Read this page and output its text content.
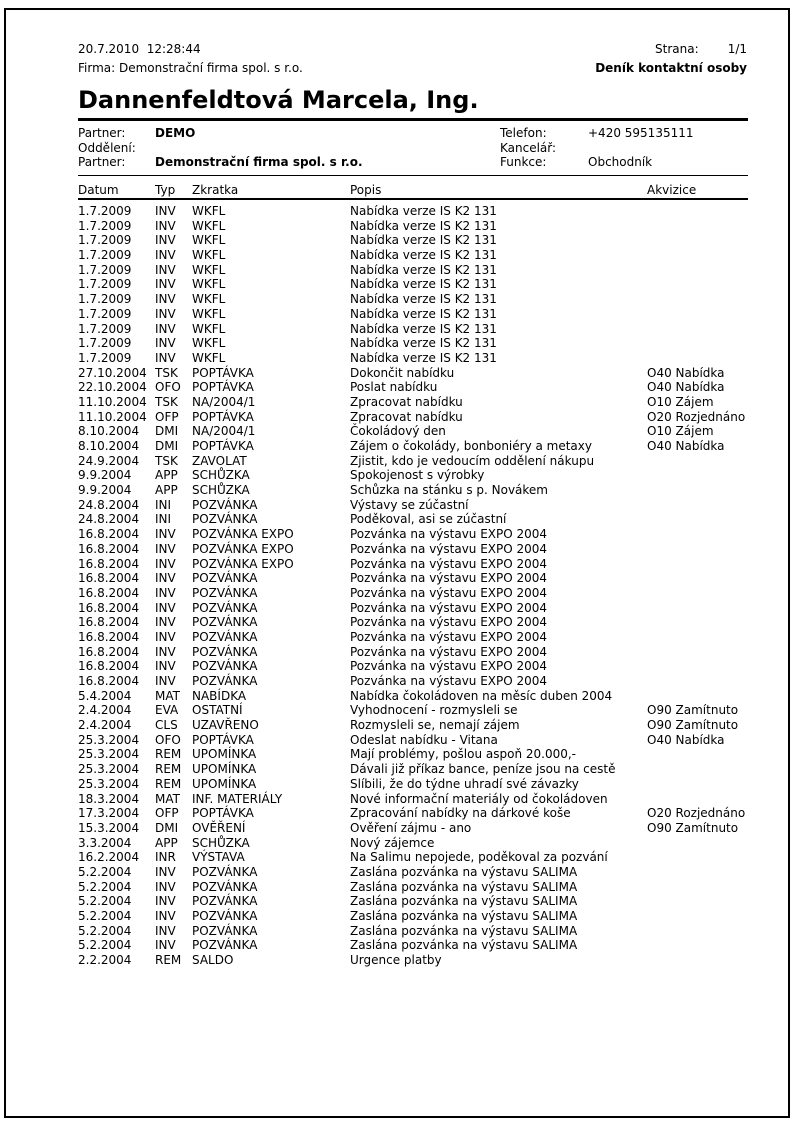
20.7.2010  12:28:44
Firma: Demonstrační firma spol. s r.o.
Strana: 1/1
Deník kontaktní osoby
Dannenfeldtová Marcela, Ing.
Partner:	DEMO	Telefon:	+420 595135111
Oddělení:	Kancelář:
Partner:	Demonstrační firma spol. s r.o.	Funkce:	Obchodník
Datum	Typ	Zkratka	Popis	Akvizice
1.7.2009	INV	WKFL	Nabídka verze IS K2 131
1.7.2009	INV	WKFL	Nabídka verze IS K2 131
1.7.2009	INV	WKFL	Nabídka verze IS K2 131
1.7.2009	INV	WKFL	Nabídka verze IS K2 131
1.7.2009	INV	WKFL	Nabídka verze IS K2 131
1.7.2009	INV	WKFL	Nabídka verze IS K2 131
1.7.2009	INV	WKFL	Nabídka verze IS K2 131
1.7.2009	INV	WKFL	Nabídka verze IS K2 131
1.7.2009	INV	WKFL	Nabídka verze IS K2 131
1.7.2009	INV	WKFL	Nabídka verze IS K2 131
1.7.2009	INV	WKFL	Nabídka verze IS K2 131
27.10.2004 TSK	POPTÁVKA	Dokončit nabídku	O40 Nabídka
22.10.2004 OFO POPTÁVKA	Poslat nabídku	O40 Nabídka
11.10.2004 TSK	NA/2004/1	Zpracovat nabídku	O10 Zájem
11.10.2004 OFP	POPTÁVKA	Zpracovat nabídku	O20 Rozjednáno
8.10.2004	DMI	NA/2004/1	Čokoládový den	O10 Zájem
8.10.2004	DMI	POPTÁVKA	Zájem o čokolády, bonboniéry a metaxy	O40 Nabídka
24.9.2004	TSK	ZAVOLAT	Zjistit, kdo je vedoucím oddělení nákupu
9.9.2004	APP	SCHŮZKA	Spokojenost s výrobky
9.9.2004	APP	SCHŮZKA	Schůzka na stánku s p. Novákem
24.8.2004	INI	POZVÁNKA	Výstavy se zúčastní
24.8.2004	INI	POZVÁNKA	Poděkoval, asi se zúčastní
16.8.2004	INV	POZVÁNKA EXPO	Pozvánka na výstavu EXPO 2004
16.8.2004	INV	POZVÁNKA EXPO	Pozvánka na výstavu EXPO 2004
16.8.2004	INV	POZVÁNKA EXPO	Pozvánka na výstavu EXPO 2004
16.8.2004	INV	POZVÁNKA	Pozvánka na výstavu EXPO 2004
16.8.2004	INV	POZVÁNKA	Pozvánka na výstavu EXPO 2004
16.8.2004	INV	POZVÁNKA	Pozvánka na výstavu EXPO 2004
16.8.2004	INV	POZVÁNKA	Pozvánka na výstavu EXPO 2004
16.8.2004	INV	POZVÁNKA	Pozvánka na výstavu EXPO 2004
16.8.2004	INV	POZVÁNKA	Pozvánka na výstavu EXPO 2004
16.8.2004	INV	POZVÁNKA	Pozvánka na výstavu EXPO 2004
16.8.2004	INV	POZVÁNKA	Pozvánka na výstavu EXPO 2004
5.4.2004	MAT	NABÍDKA	Nabídka čokoládoven na měsíc duben 2004
2.4.2004	EVA	OSTATNÍ	Vyhodnocení - rozmysleli se	O90 Zamítnuto
2.4.2004	CLS	UZAVŘENO	Rozmysleli se, nemají zájem	O90 Zamítnuto
25.3.2004	OFO POPTÁVKA	Odeslat nabídku - Vitana	O40 Nabídka
25.3.2004	REM UPOMÍNKA	Mají problémy, pošlou aspoň 20.000,-
25.3.2004	REM UPOMÍNKA	Dávali již příkaz bance, peníze jsou na cestě
25.3.2004	REM UPOMÍNKA	Slíbili, že do týdne uhradí své závazky
18.3.2004	MAT	INF. MATERIÁLY	Nové informační materiály od čokoládoven
17.3.2004	OFP	POPTÁVKA	Zpracování nabídky na dárkové koše	O20 Rozjednáno
15.3.2004	DMI	OVĚŘENÍ	Ověření zájmu - ano	O90 Zamítnuto
3.3.2004	APP	SCHŮZKA	Nový zájemce
16.2.2004	INR	VÝSTAVA	Na Salimu nepojede, poděkoval za pozvání
5.2.2004	INV	POZVÁNKA	Zaslána pozvánka na výstavu SALIMA
5.2.2004	INV	POZVÁNKA	Zaslána pozvánka na výstavu SALIMA
5.2.2004	INV	POZVÁNKA	Zaslána pozvánka na výstavu SALIMA
5.2.2004	INV	POZVÁNKA	Zaslána pozvánka na výstavu SALIMA
5.2.2004	INV	POZVÁNKA	Zaslána pozvánka na výstavu SALIMA
5.2.2004	INV	POZVÁNKA	Zaslána pozvánka na výstavu SALIMA
2.2.2004	REM SALDO	Urgence platby
